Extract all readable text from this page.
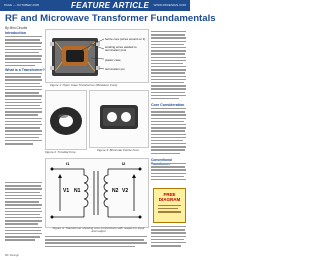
PAGE — OCTOBER 2005	FEATURE ARTICLE WWW.RFDESIGN.COM
RF and Microwave Transformer Fundamentals
By Mini-Circuits
Introduction
What is a Transformer?
ferrite core (wires wound on it)
winding wires welded to termination pins
plastic case
termination pin
Figure 1: Open Case Transformer (Miniature Core)
Figure 2: Toroidal Core	Figure 3: Binocular Ferrite Core
I1	I2
V1 N1	N2 V2
Figure 4: Transformer showing core connections with respect to input and output
Core Consideration
Conventional
FREE DIAGRAM
RF Design
